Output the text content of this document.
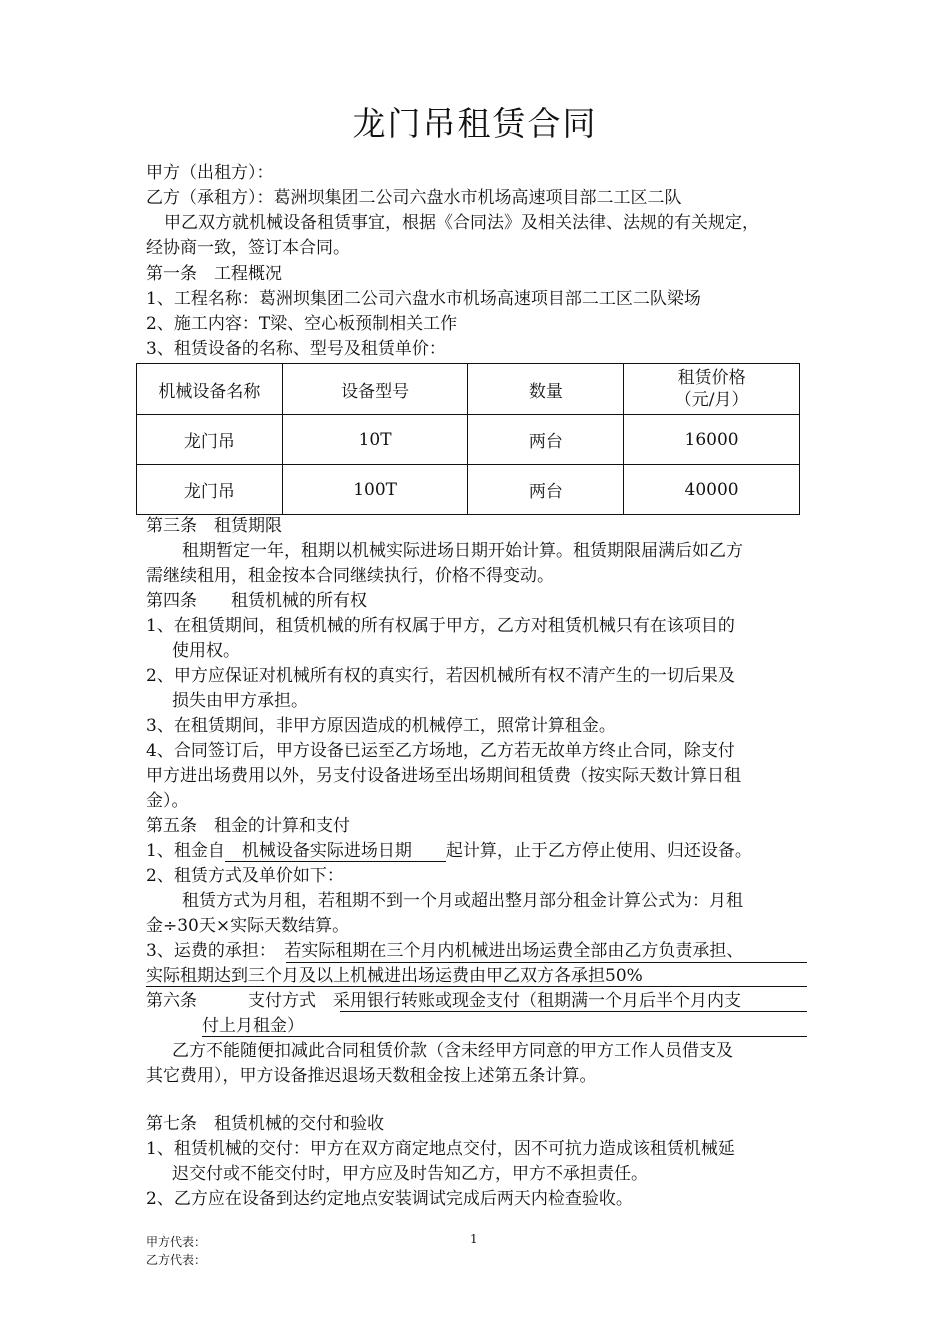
龙门吊租赁合同
甲方（出租方）：
乙方（承租方）：葛洲坝集团二公司六盘水市机场高速项目部二工区二队
甲乙双方就机械设备租赁事宜，根据《合同法》及相关法律、法规的有关规定，
经协商一致，签订本合同。
第一条　工程概况
1、工程名称：葛洲坝集团二公司六盘水市机场高速项目部二工区二队梁场
2、施工内容：T梁、空心板预制相关工作
3、租赁设备的名称、型号及租赁单价：
机械设备名称	设备型号	数量	租赁价格
（元/月）

龙门吊	10T	两台	16000
龙门吊	100T	两台	40000
第三条　租赁期限
租期暂定一年，租期以机械实际进场日期开始计算。租赁期限届满后如乙方
需继续租用，租金按本合同继续执行，价格不得变动。
第四条　　租赁机械的所有权
1、在租赁期间，租赁机械的所有权属于甲方，乙方对租赁机械只有在该项目的
使用权。
2、甲方应保证对机械所有权的真实行，若因机械所有权不清产生的一切后果及
损失由甲方承担。
3、在租赁期间，非甲方原因造成的机械停工，照常计算租金。
4、合同签订后，甲方设备已运至乙方场地，乙方若无故单方终止合同，除支付
甲方进出场费用以外，另支付设备进场至出场期间租赁费（按实际天数计算日租
金）。
第五条　租金的计算和支付
1、租金自　机械设备实际进场日期　　起计算，止于乙方停止使用、归还设备。
2、租赁方式及单价如下：
租赁方式为月租，若租期不到一个月或超出整月部分租金计算公式为：月租
金÷30天×实际天数结算。
3、运费的承担：　若实际租期在三个月内机械进出场运费全部由乙方负责承担、
实际租期达到三个月及以上机械进出场运费由甲乙双方各承担50%
第六条　　　支付方式　采用银行转账或现金支付（租期满一个月后半个月内支
付上月租金）
乙方不能随便扣减此合同租赁价款（含未经甲方同意的甲方工作人员借支及
其它费用），甲方设备推迟退场天数租金按上述第五条计算。
第七条　租赁机械的交付和验收
1、租赁机械的交付：甲方在双方商定地点交付，因不可抗力造成该租赁机械延
迟交付或不能交付时，甲方应及时告知乙方，甲方不承担责任。
2、乙方应在设备到达约定地点安装调试完成后两天内检查验收。
甲方代表：
乙方代表：
1
